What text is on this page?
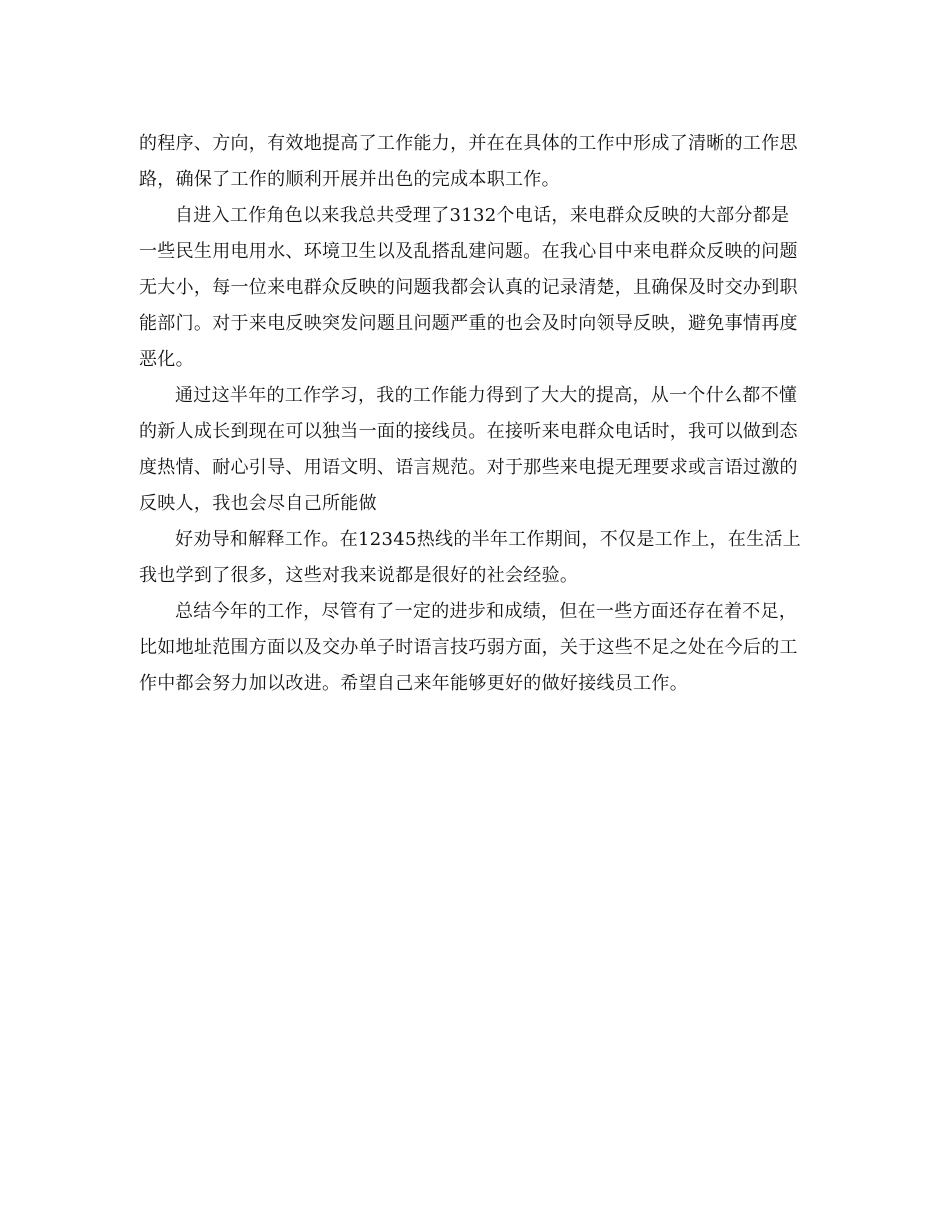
的程序、方向，有效地提高了工作能力，并在在具体的工作中形成了清晰的工作思
路，确保了工作的顺利开展并出色的完成本职工作。

自进入工作角色以来我总共受理了3132个电话，来电群众反映的大部分都是
一些民生用电用水、环境卫生以及乱搭乱建问题。在我心目中来电群众反映的问题
无大小，每一位来电群众反映的问题我都会认真的记录清楚，且确保及时交办到职
能部门。对于来电反映突发问题且问题严重的也会及时向领导反映，避免事情再度
恶化。

通过这半年的工作学习，我的工作能力得到了大大的提高，从一个什么都不懂
的新人成长到现在可以独当一面的接线员。在接听来电群众电话时，我可以做到态
度热情、耐心引导、用语文明、语言规范。对于那些来电提无理要求或言语过激的
反映人，我也会尽自己所能做

好劝导和解释工作。在12345热线的半年工作期间，不仅是工作上，在生活上
我也学到了很多，这些对我来说都是很好的社会经验。

总结今年的工作，尽管有了一定的进步和成绩，但在一些方面还存在着不足，
比如地址范围方面以及交办单子时语言技巧弱方面，关于这些不足之处在今后的工
作中都会努力加以改进。希望自己来年能够更好的做好接线员工作。
